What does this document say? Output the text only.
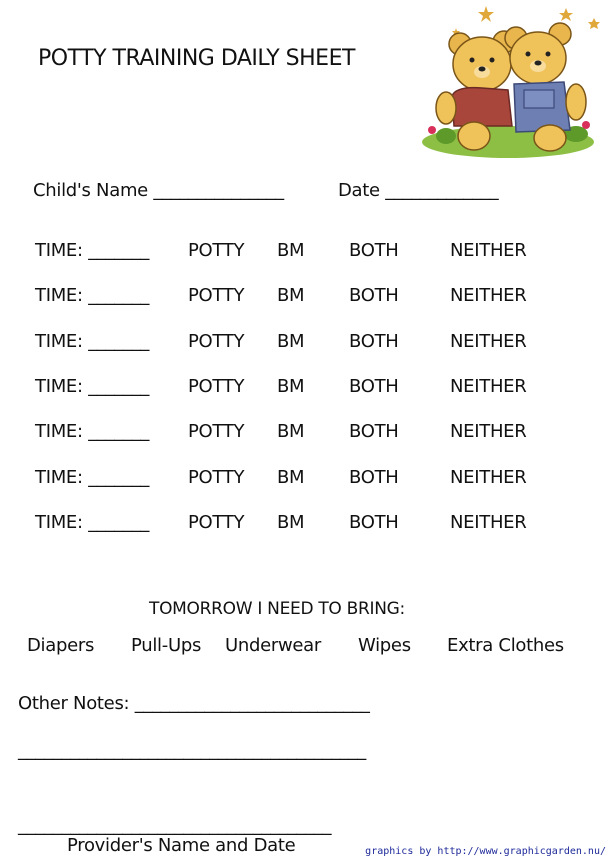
POTTY TRAINING DAILY SHEET
Child's Name _______________	Date _____________
TIME: _______ POTTY BM BOTH	NEITHER
TIME: _______ POTTY BM BOTH	NEITHER
TIME: _______ POTTY BM BOTH	NEITHER
TIME: _______ POTTY BM BOTH	NEITHER
TIME: _______ POTTY BM BOTH	NEITHER
TIME: _______ POTTY BM BOTH	NEITHER
TIME: _______ POTTY BM BOTH	NEITHER
TOMORROW I NEED TO BRING:
Diapers Pull-Ups Underwear Wipes Extra Clothes
Other Notes: ___________________________
________________________________________
____________________________________
Provider's Name and Date	graphics by http://www.graphicgarden.nu/
